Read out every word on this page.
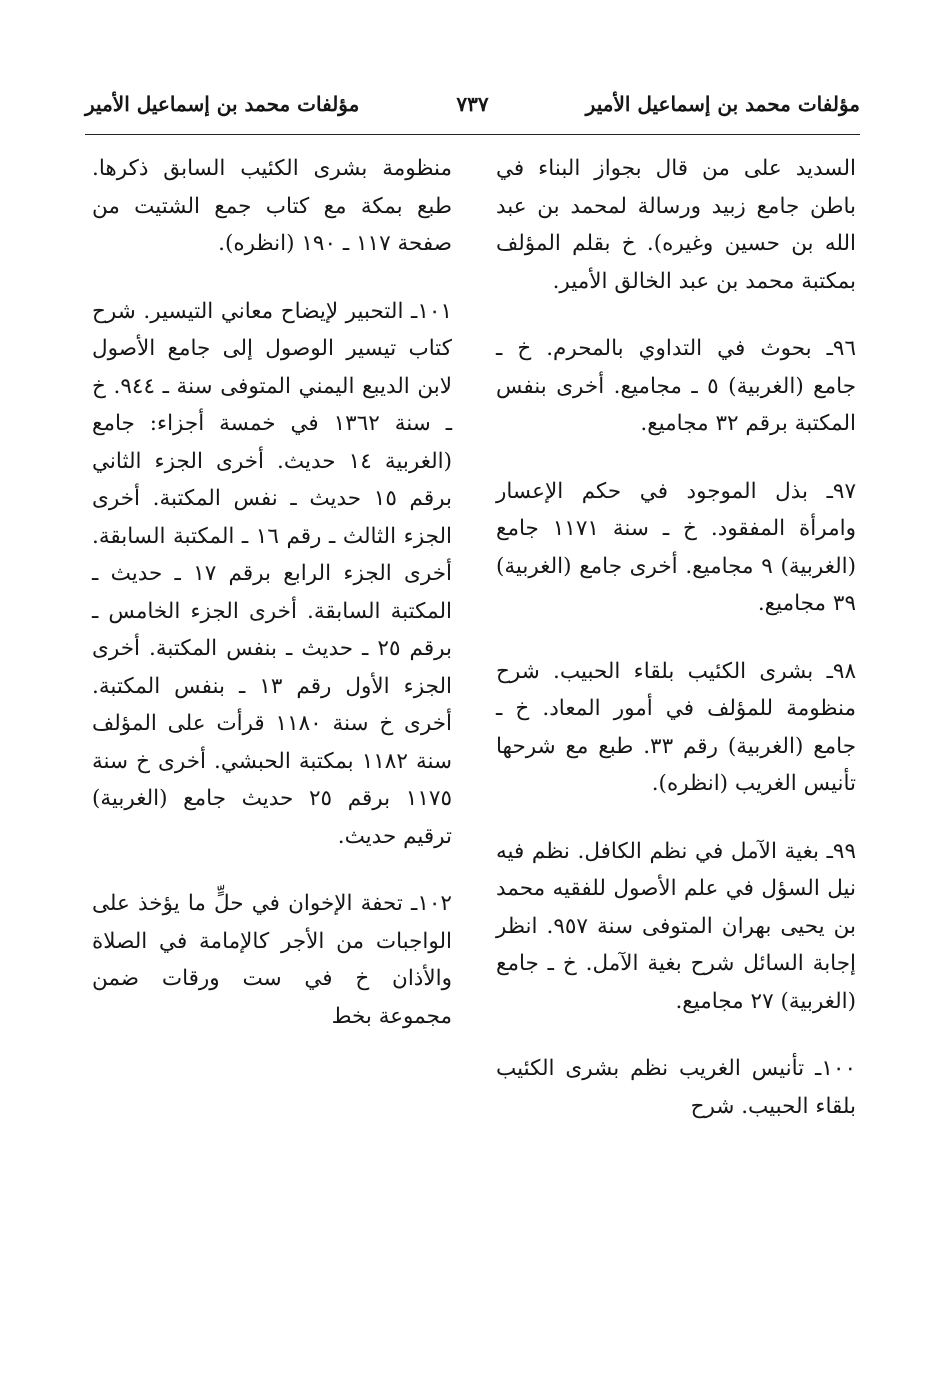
مؤلفات محمد بن إسماعيل الأمير
٧٣٧
مؤلفات محمد بن إسماعيل الأمير

السديد على من قال بجواز البناء في باطن جامع زبيد ورسالة لمحمد بن عبد الله بن حسين وغيره). خ بقلم المؤلف بمكتبة محمد بن عبد الخالق الأمير.

٩٦ـ بحوث في التداوي بالمحرم. خ ـ جامع (الغربية) ٥ ـ مجاميع. أخرى بنفس المكتبة برقم ٣٢ مجاميع.

٩٧ـ بذل الموجود في حكم الإعسار وامرأة المفقود. خ ـ سنة ١١٧١ جامع (الغربية) ٩ مجاميع. أخرى جامع (الغربية) ٣٩ مجاميع.

٩٨ـ بشرى الكئيب بلقاء الحبيب. شرح منظومة للمؤلف في أمور المعاد. خ ـ جامع (الغربية) رقم ٣٣. طبع مع شرحها تأنيس الغريب (انظره).

٩٩ـ بغية الآمل في نظم الكافل. نظم فيه نيل السؤل في علم الأصول للفقيه محمد بن يحيى بهران المتوفى سنة ٩٥٧. انظر إجابة السائل شرح بغية الآمل. خ ـ جامع (الغربية) ٢٧ مجاميع.

١٠٠ـ تأنيس الغريب نظم بشرى الكئيب بلقاء الحبيب. شرح

منظومة بشرى الكئيب السابق ذكرها. طبع بمكة مع كتاب جمع الشتيت من صفحة ١١٧ ـ ١٩٠ (انظره).

١٠١ـ التحبير لإيضاح معاني التيسير. شرح كتاب تيسير الوصول إلى جامع الأصول لابن الديبع اليمني المتوفى سنة ـ ٩٤٤. خ ـ سنة ١٣٦٢ في خمسة أجزاء: جامع (الغربية ١٤ حديث. أخرى الجزء الثاني برقم ١٥ حديث ـ نفس المكتبة. أخرى الجزء الثالث ـ رقم ١٦ ـ المكتبة السابقة. أخرى الجزء الرابع برقم ١٧ ـ حديث ـ المكتبة السابقة. أخرى الجزء الخامس ـ برقم ٢٥ ـ حديث ـ بنفس المكتبة. أخرى الجزء الأول رقم ١٣ ـ بنفس المكتبة. أخرى خ سنة ١١٨٠ قرأت على المؤلف سنة ١١٨٢ بمكتبة الحبشي. أخرى خ سنة ١١٧٥ برقم ٢٥ حديث جامع (الغربية) ترقيم حديث.

١٠٢ـ تحفة الإخوان في حلٍّ ما يؤخذ على الواجبات من الأجر كالإمامة في الصلاة والأذان خ في ست ورقات ضمن مجموعة بخط
